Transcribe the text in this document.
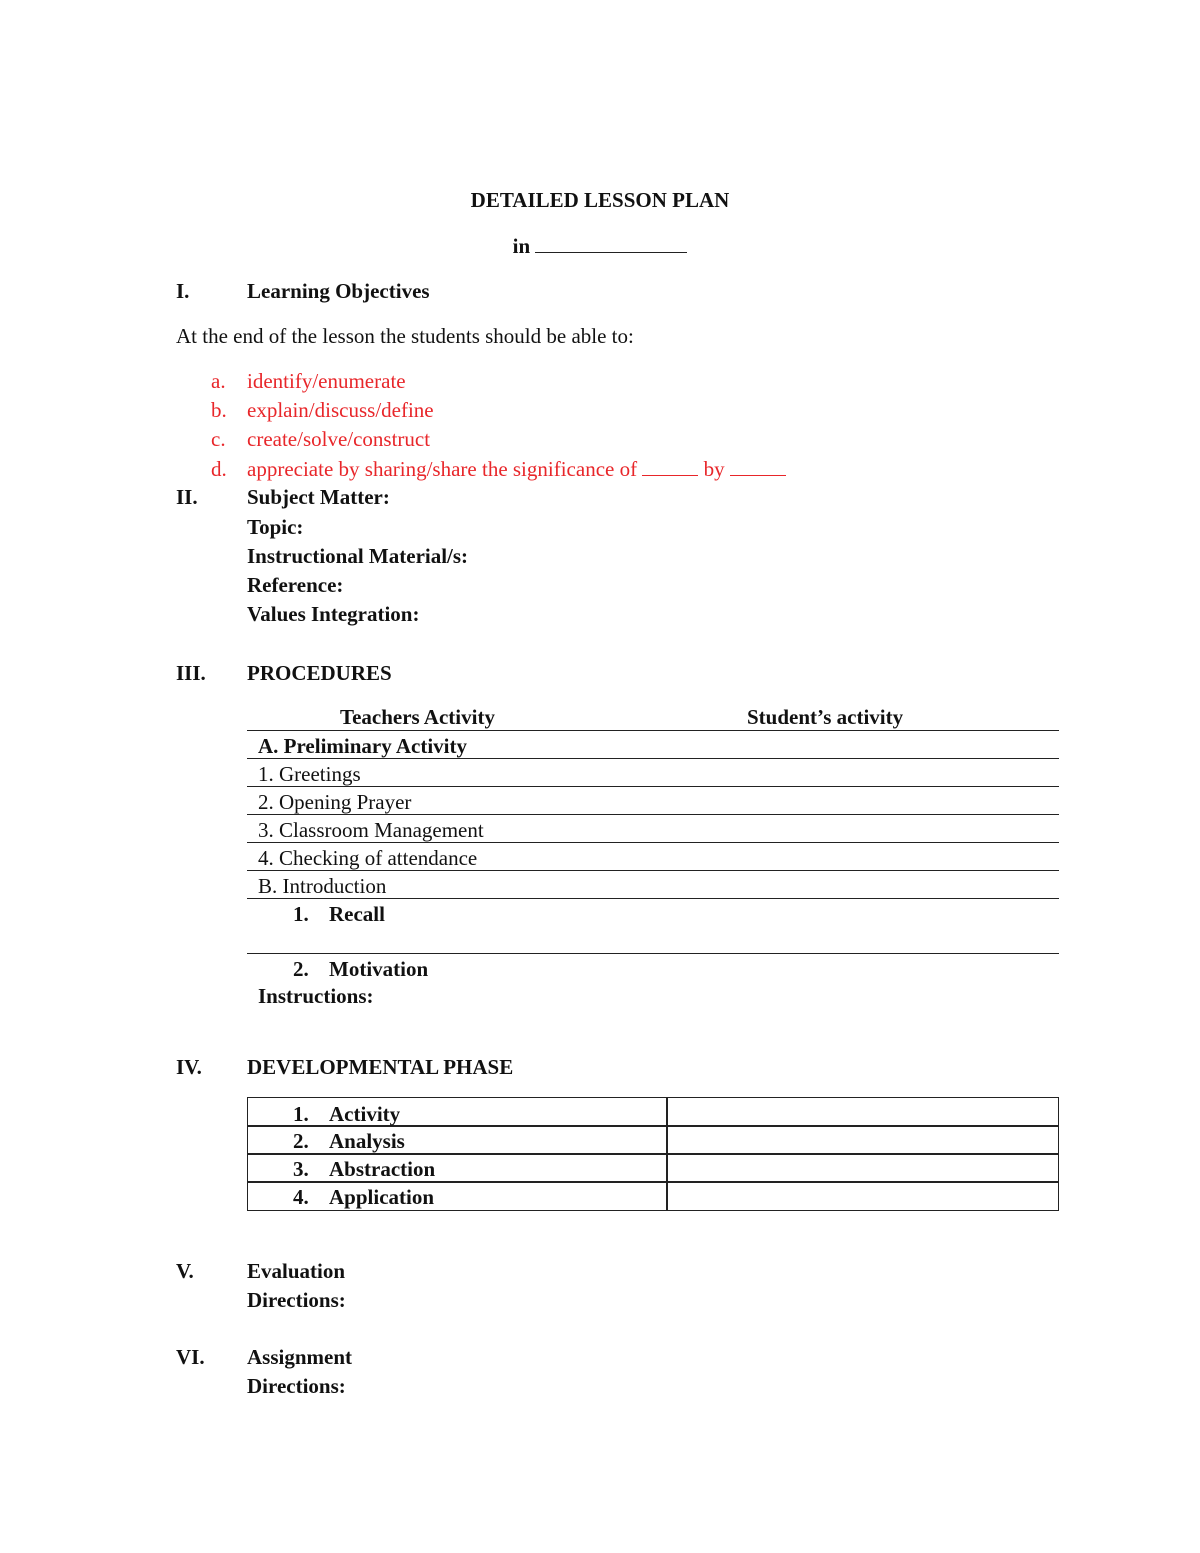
DETAILED LESSON PLAN
in
I.	Learning Objectives
At the end of the lesson the students should be able to:
a. identify/enumerate
b. explain/discuss/define
c. create/solve/construct
d. appreciate by sharing/share the significance of	by
II. Subject Matter:
Topic:
Instructional Material/s:
Reference:
Values Integration:
III. PROCEDURES
Teachers Activity	Student’s activity
A. Preliminary Activity
1. Greetings
2. Opening Prayer
3. Classroom Management
4. Checking of attendance
B. Introduction
1. Recall
2. Motivation
Instructions:
IV. DEVELOPMENTAL PHASE
1. Activity
2. Analysis
3. Abstraction
4. Application
V.	Evaluation
Directions:
VI. Assignment
Directions:
